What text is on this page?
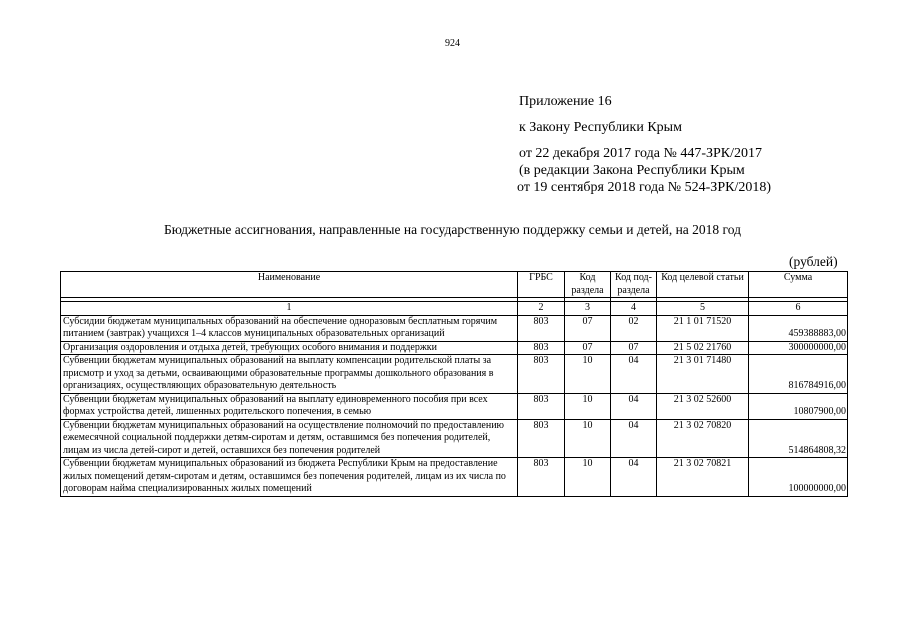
924
Приложение 16
к Закону Республики Крым
от 22 декабря 2017 года № 447-ЗРК/2017
(в редакции Закона Республики Крым
от 19 сентября 2018 года № 524-ЗРК/2018)
Бюджетные ассигнования, направленные на государственную поддержку семьи и детей, на 2018 год
(рублей)
Наименование	ГРБС	Код раздела	Код под- раздела	Код целевой статьи	Сумма

1	2	3	4	5	6
Субсидии бюджетам муниципальных образований на обеспечение одноразовым бесплатным горячим питанием (завтрак) учащихся 1–4 классов муниципальных образовательных организаций	803	07	02	21 1 01 71520	459388883,00
Организация оздоровления и отдыха детей, требующих особого внимания и поддержки	803	07	07	21 5 02 21760	300000000,00
Субвенции бюджетам муниципальных образований на выплату компенсации родительской платы за присмотр и уход за детьми, осваивающими образовательные программы дошкольного образования в организациях, осуществляющих образовательную деятельность	803	10	04	21 3 01 71480	816784916,00
Субвенции бюджетам муниципальных образований на выплату единовременного пособия при всех формах устройства детей, лишенных родительского попечения, в семью	803	10	04	21 3 02 52600	10807900,00
Субвенции бюджетам муниципальных образований на осуществление полномочий по предоставлению ежемесячной социальной поддержки детям-сиротам и детям, оставшимся без попечения родителей, лицам из числа детей-сирот и детей, оставшихся без попечения родителей	803	10	04	21 3 02 70820	514864808,32
Субвенции бюджетам муниципальных образований из бюджета Республики Крым на предоставление жилых помещений детям-сиротам и детям, оставшимся без попечения родителей, лицам из их числа по договорам найма специализированных жилых помещений	803	10	04	21 3 02 70821	100000000,00
